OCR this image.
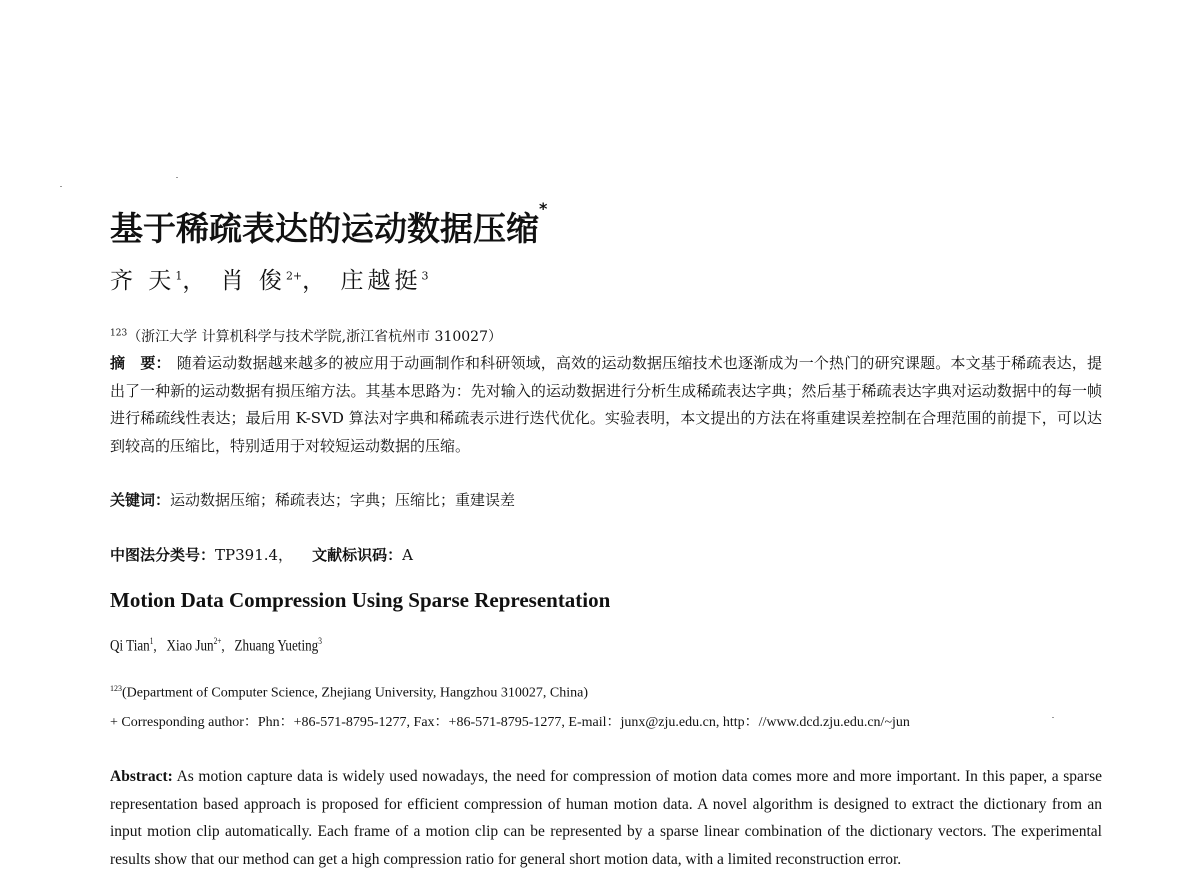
基于稀疏表达的运动数据压缩*
齐 天$^1$， 肖 俊$^{2+}$， 庄越挺$^3$
$^{123}$（浙江大学 计算机科学与技术学院,浙江省杭州市 310027）
摘　要： 随着运动数据越来越多的被应用于动画制作和科研领域，高效的运动数据压缩技术也逐渐成为一个热门的研究课题。本文基于稀疏表达，提出了一种新的运动数据有损压缩方法。其基本思路为：先对输入的运动数据进行分析生成稀疏表达字典；然后基于稀疏表达字典对运动数据中的每一帧进行稀疏线性表达；最后用 K-SVD 算法对字典和稀疏表示进行迭代优化。实验表明，本文提出的方法在将重建误差控制在合理范围的前提下，可以达到较高的压缩比，特别适用于对较短运动数据的压缩。
关键词：运动数据压缩；稀疏表达；字典；压缩比；重建误差
中图法分类号：TP391.4， 文献标识码：A
Motion Data Compression Using Sparse Representation
Qi Tian$^1$,   Xiao Jun$^{2+}$,   Zhuang Yueting$^3$
$^{123}$(Department of Computer Science, Zhejiang University, Hangzhou 310027, China)
+ Corresponding author：Phn：+86-571-8795-1277, Fax：+86-571-8795-1277, E-mail：junx@zju.edu.cn, http：//www.dcd.zju.edu.cn/~jun
Abstract: As motion capture data is widely used nowadays, the need for compression of motion data comes more and more important. In this paper, a sparse representation based approach is proposed for efficient compression of human motion data. A novel algorithm is designed to extract the dictionary from an input motion clip automatically. Each frame of a motion clip can be represented by a sparse linear combination of the dictionary vectors. The experimental results show that our method can get a high compression ratio for general short motion data, with a limited reconstruction error.
